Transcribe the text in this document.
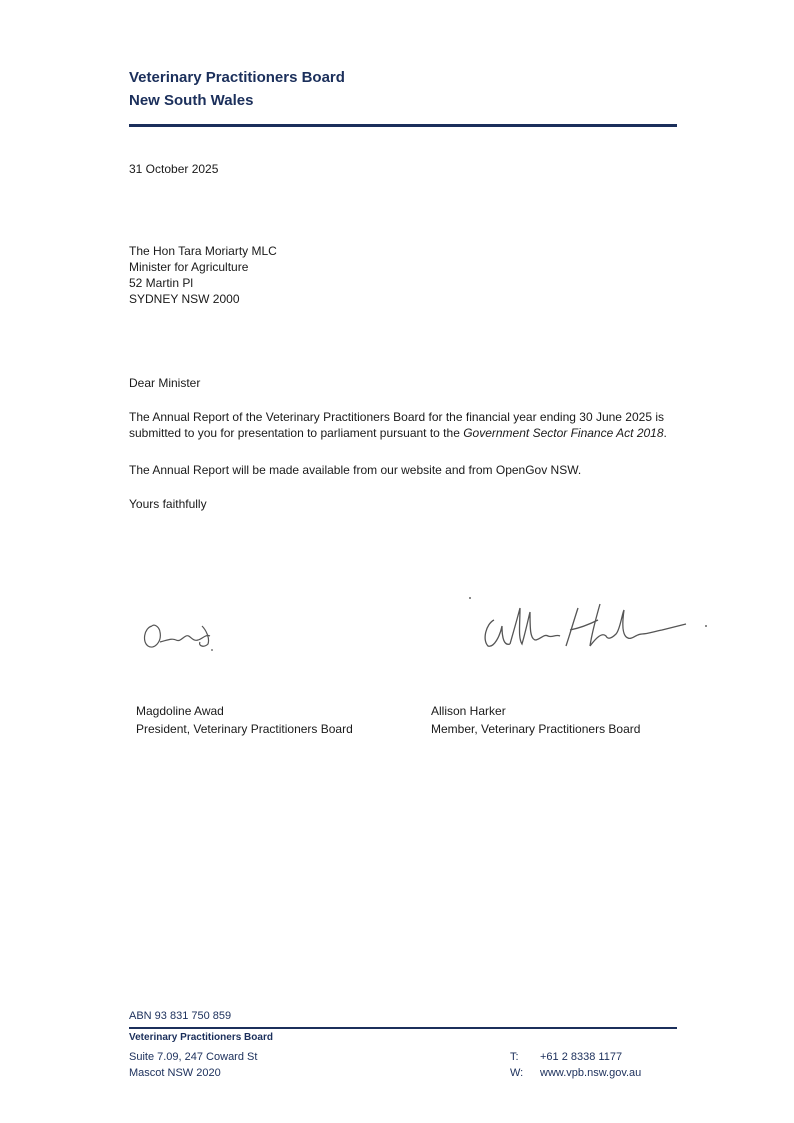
Veterinary Practitioners Board
New South Wales
31 October 2025
The Hon Tara Moriarty MLC
Minister for Agriculture
52 Martin Pl
SYDNEY NSW 2000
Dear Minister
The Annual Report of the Veterinary Practitioners Board for the financial year ending 30 June 2025 is submitted to you for presentation to parliament pursuant to the Government Sector Finance Act 2018.
The Annual Report will be made available from our website and from OpenGov NSW.
Yours faithfully
Magdoline Awad
President, Veterinary Practitioners Board
Allison Harker
Member, Veterinary Practitioners Board
ABN 93 831 750 859
Veterinary Practitioners Board
Suite 7.09, 247 Coward St
Mascot NSW 2020
T:	+61 2 8338 1177
W:	www.vpb.nsw.gov.au
